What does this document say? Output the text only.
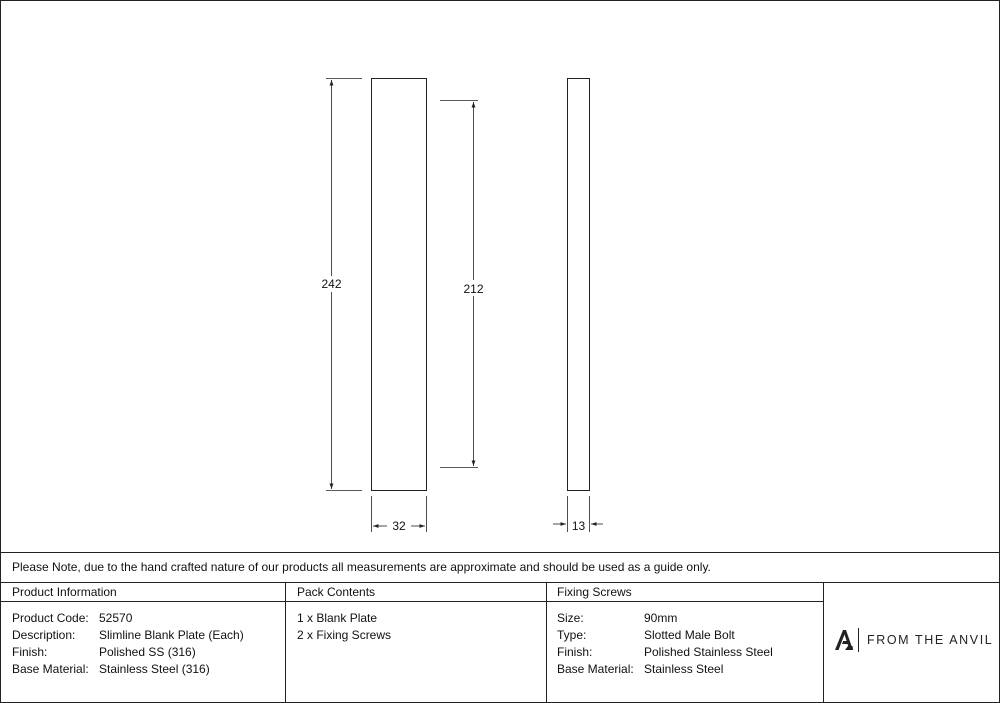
242	212
32	13
Please Note, due to the hand crafted nature of our products all measurements are approximate and should be used as a guide only.
Product Information
Product Code: 52570
Description:	Slimline Blank Plate (Each)
Finish:	Polished SS (316)
Base Material: Stainless Steel (316)
Pack Contents
1 x Blank Plate
2 x Fixing Screws
Fixing Screws
Size:	90mm
Type:	Slotted Male Bolt
Finish:	Polished Stainless Steel
Base Material: Stainless Steel
FROM THE ANVIL
